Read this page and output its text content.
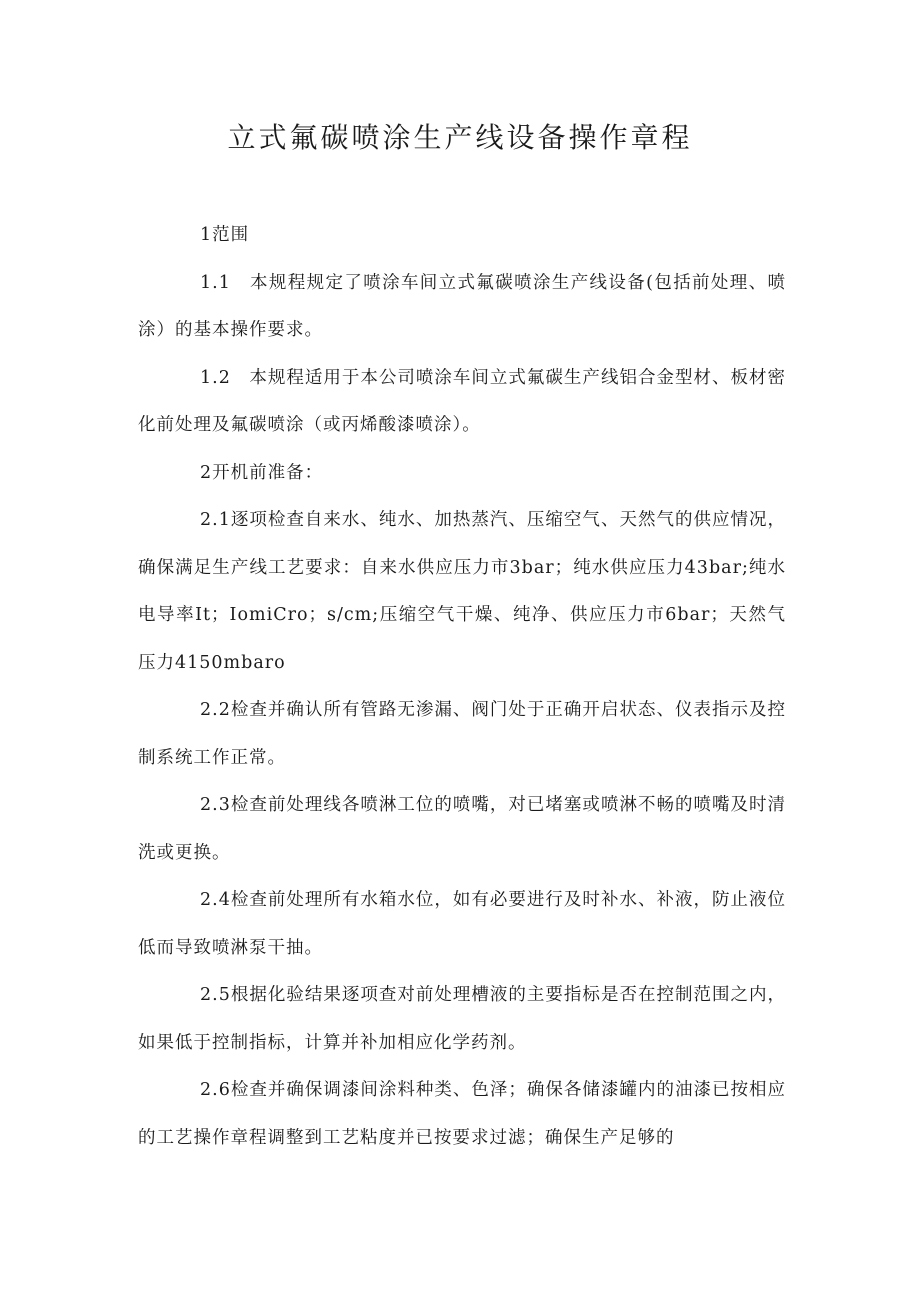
立式氟碳喷涂生产线设备操作章程

1范围

1.1　本规程规定了喷涂车间立式氟碳喷涂生产线设备(包括前处理、喷涂）的基本操作要求。

1.2　本规程适用于本公司喷涂车间立式氟碳生产线铝合金型材、板材密化前处理及氟碳喷涂（或丙烯酸漆喷涂）。

2开机前准备：

2.1逐项检查自来水、纯水、加热蒸汽、压缩空气、天然气的供应情况，确保满足生产线工艺要求：自来水供应压力市3bar；纯水供应压力43bar;纯水电导率It；IomiCro；s/cm;压缩空气干燥、纯净、供应压力市6bar；天然气压力4150mbaro

2.2检查并确认所有管路无渗漏、阀门处于正确开启状态、仪表指示及控制系统工作正常。

2.3检查前处理线各喷淋工位的喷嘴，对已堵塞或喷淋不畅的喷嘴及时清洗或更换。

2.4检查前处理所有水箱水位，如有必要进行及时补水、补液，防止液位低而导致喷淋泵干抽。

2.5根据化验结果逐项查对前处理槽液的主要指标是否在控制范围之内，如果低于控制指标，计算并补加相应化学药剂。

2.6检查并确保调漆间涂料种类、色泽；确保各储漆罐内的油漆已按相应的工艺操作章程调整到工艺粘度并已按要求过滤；确保生产足够的
